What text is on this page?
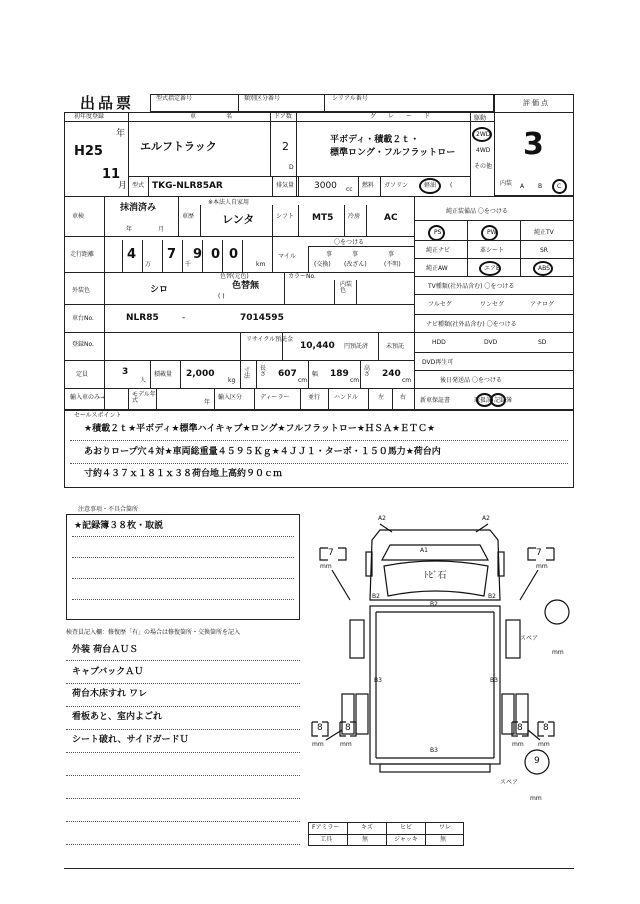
出品票	型式指定番号	類別区分番号	シリアル番号
評価点
3
初年度登録	車名 ドア数	グレード
H25
年
11
月
エルフトラック	2
D
平ボディ・積載２ｔ・
標準ロング・フルフラットロー
駆動
2WD
4WD
その他
型式 TKG-NLR85AR	排気量 3000 cc
燃料 ガソリン	軽油 (	内装 A B C
車検
抹消済み
年	月
※本法人自家用
車歴	レンタ	シフト MT5 冷房	AC
純正装備品 〇をつける
PS	PW	純正TV
純正ナビ	革シート	SR
純正AW	エアB	ABS
走行距離	4
万
7
千
9 0 0
km
マイル
〇をつける
事	事	事
(交換) (改ざん)	(不明)
外装色	シロ
色替(元色)
色替無
( )
カラーNo.
内装色
TV種類(社外品含む) 〇をつける
フルセグ	ワンセグ	アナログ
車台No.	NLR85	-	7014595
ナビ種類(社外品含む) 〇をつける
HDD	DVD	SD
登録No.
リサイクル預託金
10,440 円預託済	未預託
DVD再生可
定員	3
人
積載量 2,000
kg
寸法
長さ 607
cm
幅 189
cm
高さ 240
cm	後日発送品 〇をつける
輸入車のみ→	モデル年式	年
輸入区分	ディーラー	並行 ハンドル	左	右 新車保証書	取扱説 記録簿
セールスポイント
★積載２ｔ★平ボディ★標準ハイキャブ★ロング★フルフラットロー★ＨＳＡ★ＥＴＣ★
あおりロープ穴４対★車両総重量４５９５Ｋｇ★４ＪＪ１・ターボ・１５０馬力★荷台内
寸約４３７ｘ１８１ｘ３８荷台地上高約９０ｃｍ
注意事項・不具合箇所
★記録簿３８枚・取説
検査員記入欄：修復歴「有」の場合は修復箇所・交換箇所を記入
外装 荷台ＡＵＳ
キャブバックＡＵ
荷台木床すれ ワレ
看板あと、室内よごれ
シート破れ、サイドガードＵ
A2	A2
A1
ﾄﾋﾞ石
B2
B2
B2
B3	B3
B3
7
mm
7
mm
8
mm
8
mm
8
mm
8
mm
スペア
mm
スペア
9
mm
Fアミラー	キズ	ヒビ	ワレ
工具	無	ジャッキ	無
